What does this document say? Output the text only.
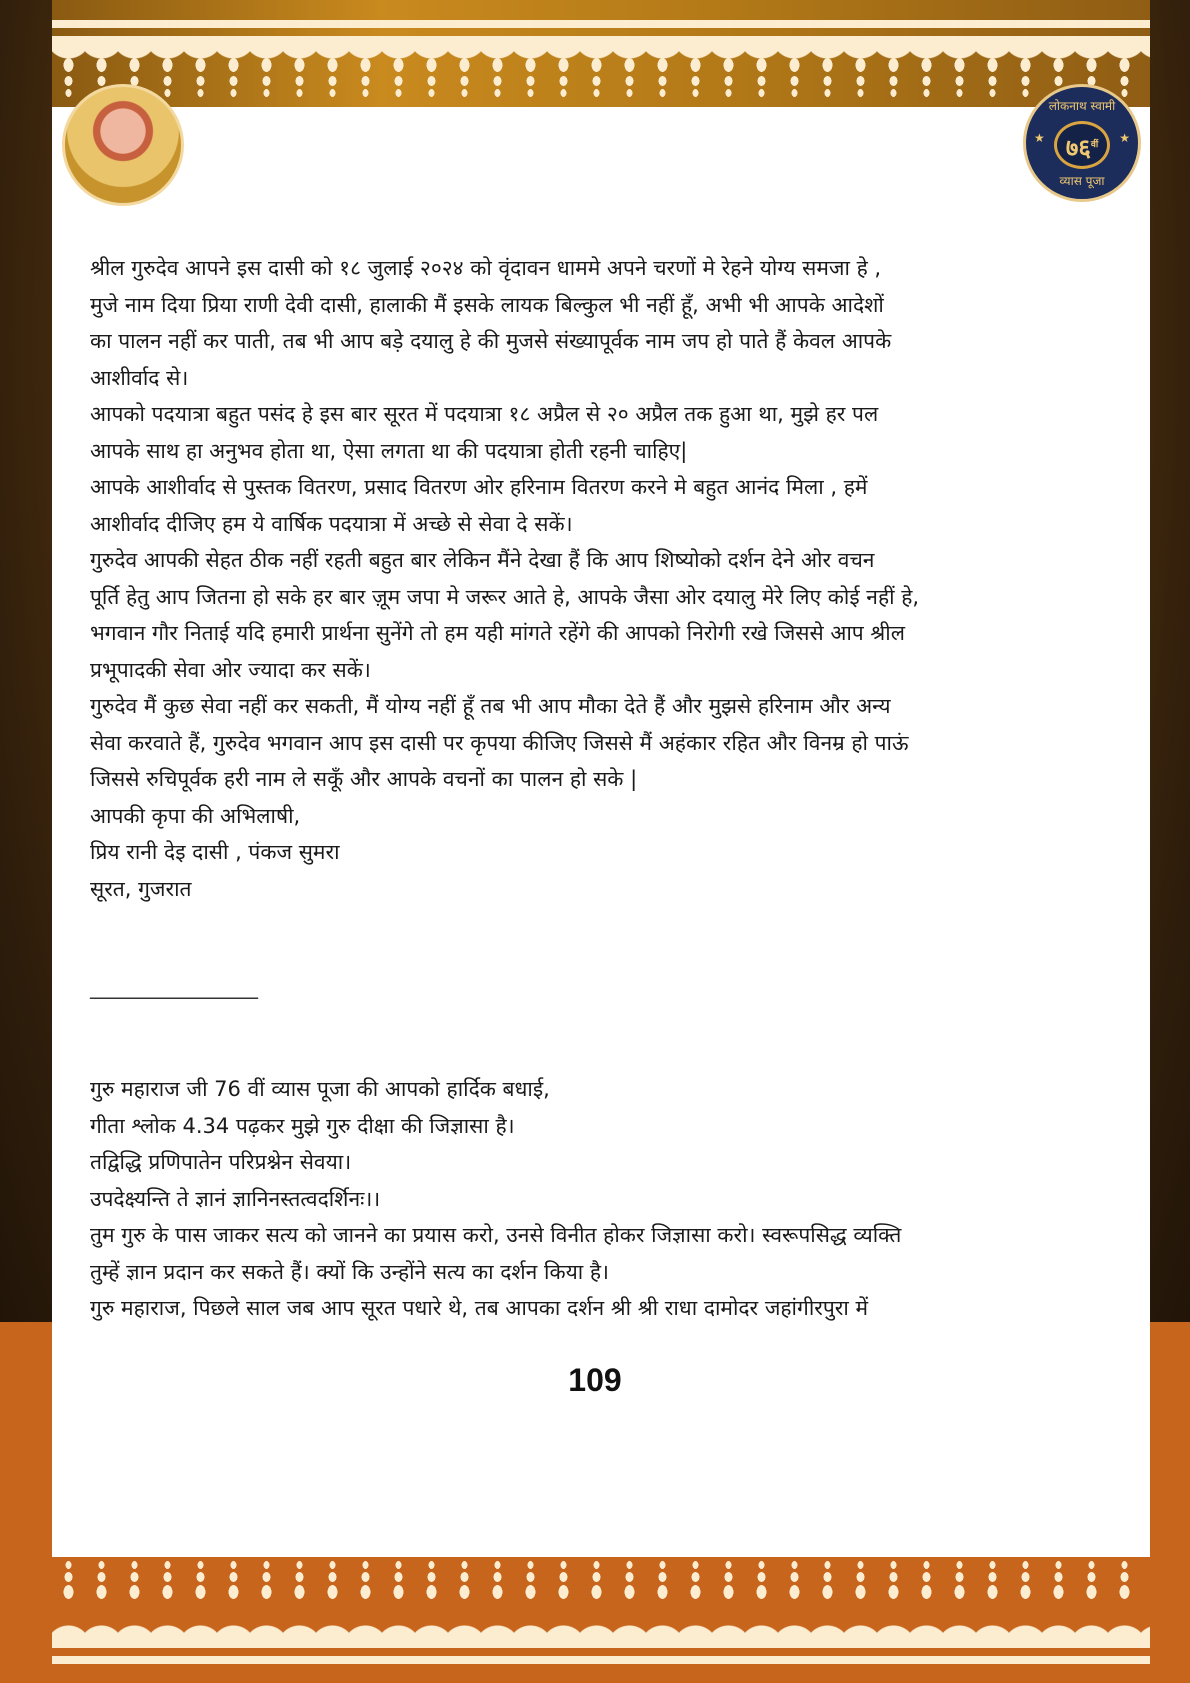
लोकनाथ स्वामी
★ $७६^{वीं}$	★
व्यास पूजा
श्रील गुरुदेव आपने इस दासी को १८ जुलाई २०२४ को वृंदावन धाममे अपने चरणों मे रेहने योग्य समजा हे ,
मुजे नाम दिया प्रिया राणी देवी दासी, हालाकी मैं इसके लायक बिल्कुल भी नहीं हूँ, अभी भी आपके आदेशों
का पालन नहीं कर पाती, तब भी आप बड़े दयालु हे की मुजसे संख्यापूर्वक नाम जप हो पाते हैं केवल आपके
आशीर्वाद से।
आपको पदयात्रा बहुत पसंद हे इस बार सूरत में पदयात्रा १८ अप्रैल से २० अप्रैल तक हुआ था, मुझे हर पल
आपके साथ हा अनुभव होता था, ऐसा लगता था की पदयात्रा होती रहनी चाहिए|
आपके आशीर्वाद से पुस्तक वितरण, प्रसाद वितरण ओर हरिनाम वितरण करने मे बहुत आनंद मिला , हमें
आशीर्वाद दीजिए हम ये वार्षिक पदयात्रा में अच्छे से सेवा दे सकें।
गुरुदेव आपकी सेहत ठीक नहीं रहती बहुत बार लेकिन मैंने देखा हैं कि आप शिष्योको दर्शन देने ओर वचन
पूर्ति हेतु आप जितना हो सके हर बार ज़ूम जपा मे जरूर आते हे, आपके जैसा ओर दयालु मेरे लिए कोई नहीं हे,
भगवान गौर निताई यदि हमारी प्रार्थना सुनेंगे तो हम यही मांगते रहेंगे की आपको निरोगी रखे जिससे आप श्रील
प्रभूपादकी सेवा ओर ज्यादा कर सकें।
गुरुदेव मैं कुछ सेवा नहीं कर सकती, मैं योग्य नहीं हूँ तब भी आप मौका देते हैं और मुझसे हरिनाम और अन्य
सेवा करवाते हैं, गुरुदेव भगवान आप इस दासी पर कृपया कीजिए जिससे मैं अहंकार रहित और विनम्र हो पाऊं
जिससे रुचिपूर्वक हरी नाम ले सकूँ और आपके वचनों का पालन हो सके |
आपकी कृपा की अभिलाषी,
प्रिय रानी देइ दासी , पंकज सुमरा
सूरत, गुजरात
________________
गुरु महाराज जी 76 वीं व्यास पूजा की आपको हार्दिक बधाई,
गीता श्लोक 4.34 पढ़कर मुझे गुरु दीक्षा की जिज्ञासा है।
तद्विद्धि प्रणिपातेन परिप्रश्नेन सेवया।
उपदेक्ष्यन्ति ते ज्ञानं ज्ञानिनस्तत्वदर्शिनः।।
तुम गुरु के पास जाकर सत्य को जानने का प्रयास करो, उनसे विनीत होकर जिज्ञासा करो। स्वरूपसिद्ध व्यक्ति
तुम्हें ज्ञान प्रदान कर सकते हैं। क्यों कि उन्होंने सत्य का दर्शन किया है।
गुरु महाराज, पिछले साल जब आप सूरत पधारे थे, तब आपका दर्शन श्री श्री राधा दामोदर जहांगीरपुरा में
109
